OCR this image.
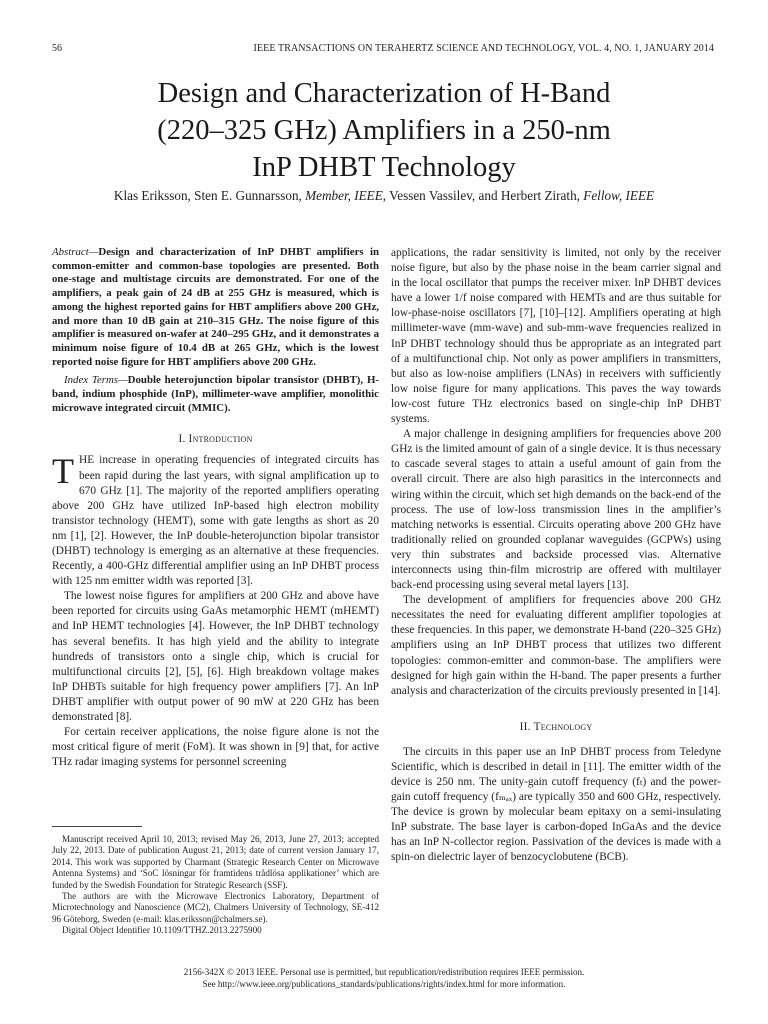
56	IEEE TRANSACTIONS ON TERAHERTZ SCIENCE AND TECHNOLOGY, VOL. 4, NO. 1, JANUARY 2014
Design and Characterization of H-Band
(220–325 GHz) Amplifiers in a 250-nm
InP DHBT Technology
Klas Eriksson, Sten E. Gunnarsson, Member, IEEE, Vessen Vassilev, and Herbert Zirath, Fellow, IEEE

Abstract—Design and characterization of InP DHBT amplifiers in common-emitter and common-base topologies are presented. Both one-stage and multistage circuits are demonstrated. For one of the amplifiers, a peak gain of 24 dB at 255 GHz is measured, which is among the highest reported gains for HBT amplifiers above 200 GHz, and more than 10 dB gain at 210–315 GHz. The noise figure of this amplifier is measured on-wafer at 240–295 GHz, and it demonstrates a minimum noise figure of 10.4 dB at 265 GHz, which is the lowest reported noise figure for HBT amplifiers above 200 GHz.

Index Terms—Double heterojunction bipolar transistor (DHBT), H-band, indium phosphide (InP), millimeter-wave amplifier, monolithic microwave integrated circuit (MMIC).

I. Introduction

THE increase in operating frequencies of integrated circuits has been rapid during the last years, with signal amplification up to 670 GHz [1]. The majority of the reported amplifiers operating above 200 GHz have utilized InP-based high electron mobility transistor technology (HEMT), some with gate lengths as short as 20 nm [1], [2]. However, the InP double-heterojunction bipolar transistor (DHBT) technology is emerging as an alternative at these frequencies. Recently, a 400-GHz differential amplifier using an InP DHBT process with 125 nm emitter width was reported [3].

The lowest noise figures for amplifiers at 200 GHz and above have been reported for circuits using GaAs metamorphic HEMT (mHEMT) and InP HEMT technologies [4]. However, the InP DHBT technology has several benefits. It has high yield and the ability to integrate hundreds of transistors onto a single chip, which is crucial for multifunctional circuits [2], [5], [6]. High breakdown voltage makes InP DHBTs suitable for high frequency power amplifiers [7]. An InP DHBT amplifier with output power of 90 mW at 220 GHz has been demonstrated [8].

For certain receiver applications, the noise figure alone is not the most critical figure of merit (FoM). It was shown in [9] that, for active THz radar imaging systems for personnel screening

Manuscript received April 10, 2013; revised May 26, 2013, June 27, 2013; accepted July 22, 2013. Date of publication August 21, 2013; date of current version January 17, 2014. This work was supported by Charmant (Strategic Research Center on Microwave Antenna Systems) and ‘SoC lösningar för framtidens trådlösa applikationer’ which are funded by the Swedish Foundation for Strategic Research (SSF).

The authors are with the Microwave Electronics Laboratory, Department of Microtechnology and Nanoscience (MC2), Chalmers University of Technology, SE-412 96 Göteborg, Sweden (e-mail: klas.eriksson@chalmers.se).

Digital Object Identifier 10.1109/TTHZ.2013.2275900

applications, the radar sensitivity is limited, not only by the receiver noise figure, but also by the phase noise in the beam carrier signal and in the local oscillator that pumps the receiver mixer. InP DHBT devices have a lower 1/f noise compared with HEMTs and are thus suitable for low-phase-noise oscillators [7], [10]–[12]. Amplifiers operating at high millimeter-wave (mm-wave) and sub-mm-wave frequencies realized in InP DHBT technology should thus be appropriate as an integrated part of a multifunctional chip. Not only as power amplifiers in transmitters, but also as low-noise amplifiers (LNAs) in receivers with sufficiently low noise figure for many applications. This paves the way towards low-cost future THz electronics based on single-chip InP DHBT systems.

A major challenge in designing amplifiers for frequencies above 200 GHz is the limited amount of gain of a single device. It is thus necessary to cascade several stages to attain a useful amount of gain from the overall circuit. There are also high parasitics in the interconnects and wiring within the circuit, which set high demands on the back-end of the process. The use of low-loss transmission lines in the amplifier’s matching networks is essential. Circuits operating above 200 GHz have traditionally relied on grounded coplanar waveguides (GCPWs) using very thin substrates and backside processed vias. Alternative interconnects using thin-film microstrip are offered with multilayer back-end processing using several metal layers [13].

The development of amplifiers for frequencies above 200 GHz necessitates the need for evaluating different amplifier topologies at these frequencies. In this paper, we demonstrate H-band (220–325 GHz) amplifiers using an InP DHBT process that utilizes two different topologies: common-emitter and common-base. The amplifiers were designed for high gain within the H-band. The paper presents a further analysis and characterization of the circuits previously presented in [14].

II. Technology

The circuits in this paper use an InP DHBT process from Teledyne Scientific, which is described in detail in [11]. The emitter width of the device is 250 nm. The unity-gain cutoff frequency (fₜ) and the power-gain cutoff frequency (fₘₐₓ) are typically 350 and 600 GHz, respectively. The device is grown by molecular beam epitaxy on a semi-insulating InP substrate. The base layer is carbon-doped InGaAs and the device has an InP N-collector region. Passivation of the devices is made with a spin-on dielectric layer of benzocyclobutene (BCB).

2156-342X © 2013 IEEE. Personal use is permitted, but republication/redistribution requires IEEE permission.
See http://www.ieee.org/publications_standards/publications/rights/index.html for more information.
